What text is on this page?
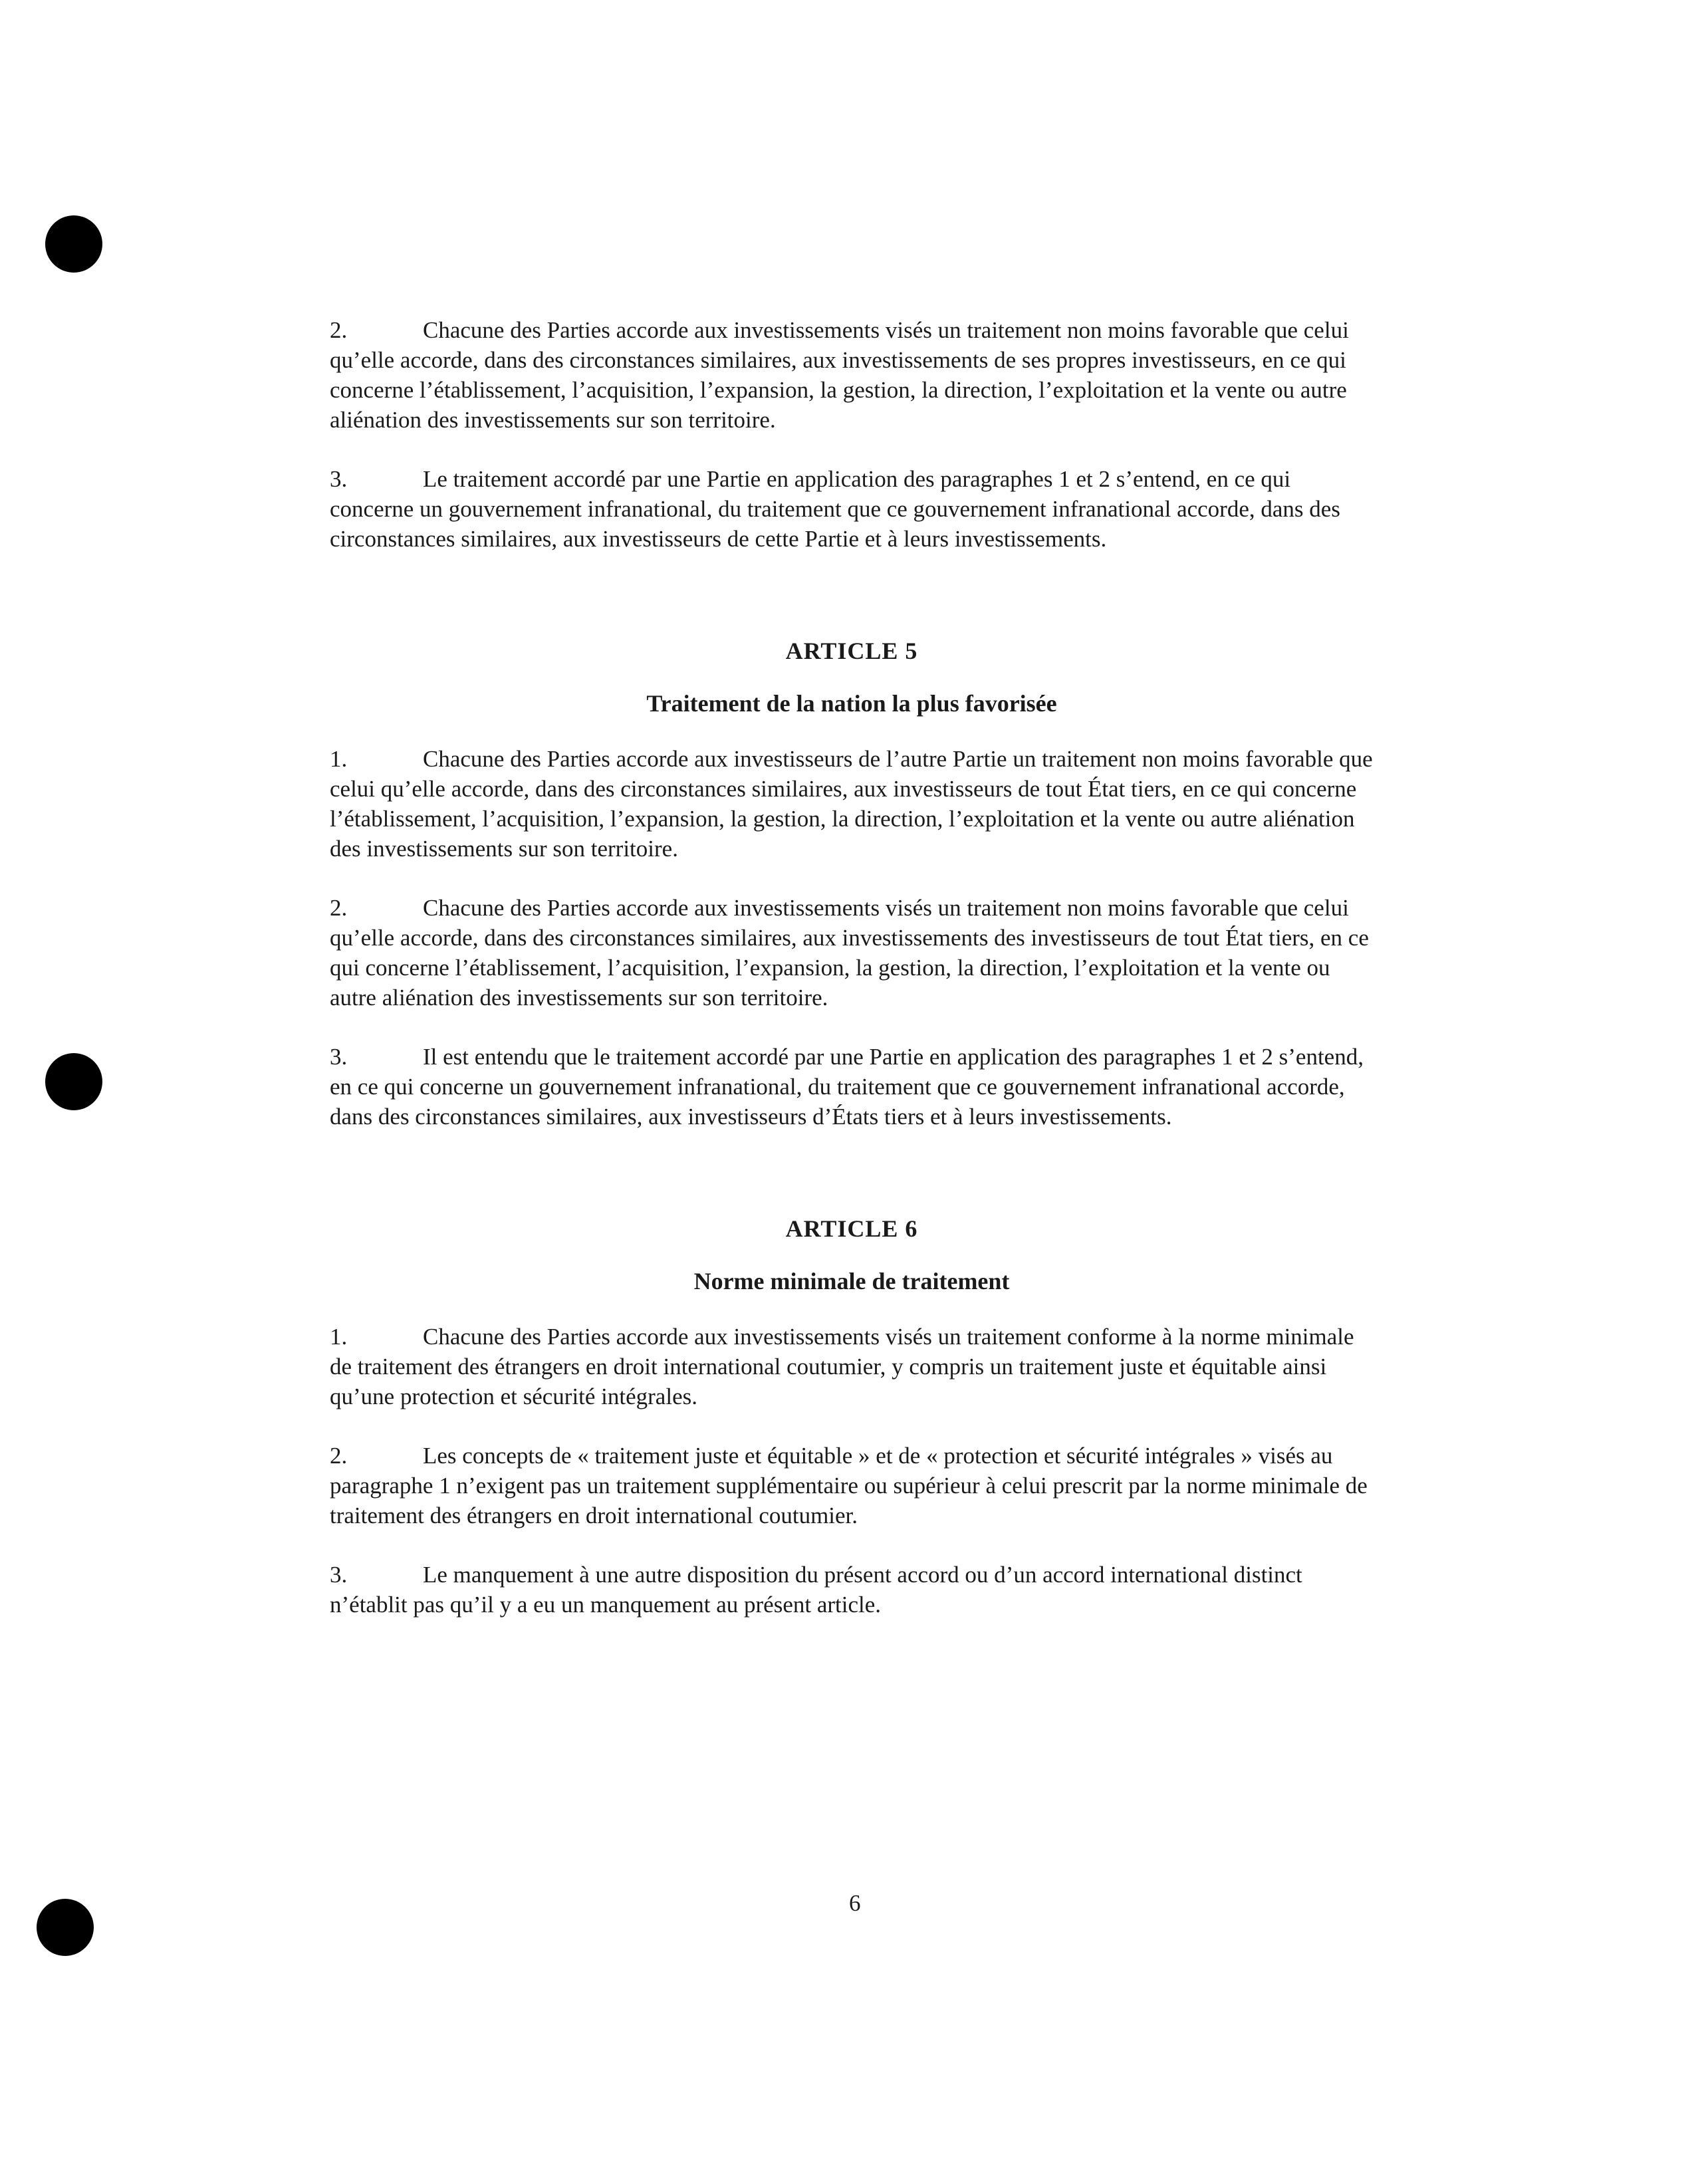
2.	Chacune des Parties accorde aux investissements visés un traitement non moins favorable que celui qu’elle accorde, dans des circonstances similaires, aux investissements de ses propres investisseurs, en ce qui concerne l’établissement, l’acquisition, l’expansion, la gestion, la direction, l’exploitation et la vente ou autre aliénation des investissements sur son territoire.

3.	Le traitement accordé par une Partie en application des paragraphes 1 et 2 s’entend, en ce qui concerne un gouvernement infranational, du traitement que ce gouvernement infranational accorde, dans des circonstances similaires, aux investisseurs de cette Partie et à leurs investissements.

ARTICLE 5
Traitement de la nation la plus favorisée

1.	Chacune des Parties accorde aux investisseurs de l’autre Partie un traitement non moins favorable que celui qu’elle accorde, dans des circonstances similaires, aux investisseurs de tout État tiers, en ce qui concerne l’établissement, l’acquisition, l’expansion, la gestion, la direction, l’exploitation et la vente ou autre aliénation des investissements sur son territoire.

2.	Chacune des Parties accorde aux investissements visés un traitement non moins favorable que celui qu’elle accorde, dans des circonstances similaires, aux investissements des investisseurs de tout État tiers, en ce qui concerne l’établissement, l’acquisition, l’expansion, la gestion, la direction, l’exploitation et la vente ou autre aliénation des investissements sur son territoire.

3.	Il est entendu que le traitement accordé par une Partie en application des paragraphes 1 et 2 s’entend, en ce qui concerne un gouvernement infranational, du traitement que ce gouvernement infranational accorde, dans des circonstances similaires, aux investisseurs d’États tiers et à leurs investissements.

ARTICLE 6
Norme minimale de traitement

1.	Chacune des Parties accorde aux investissements visés un traitement conforme à la norme minimale de traitement des étrangers en droit international coutumier, y compris un traitement juste et équitable ainsi qu’une protection et sécurité intégrales.

2.	Les concepts de « traitement juste et équitable » et de « protection et sécurité intégrales » visés au paragraphe 1 n’exigent pas un traitement supplémentaire ou supérieur à celui prescrit par la norme minimale de traitement des étrangers en droit international coutumier.

3.	Le manquement à une autre disposition du présent accord ou d’un accord international distinct n’établit pas qu’il y a eu un manquement au présent article.

6
